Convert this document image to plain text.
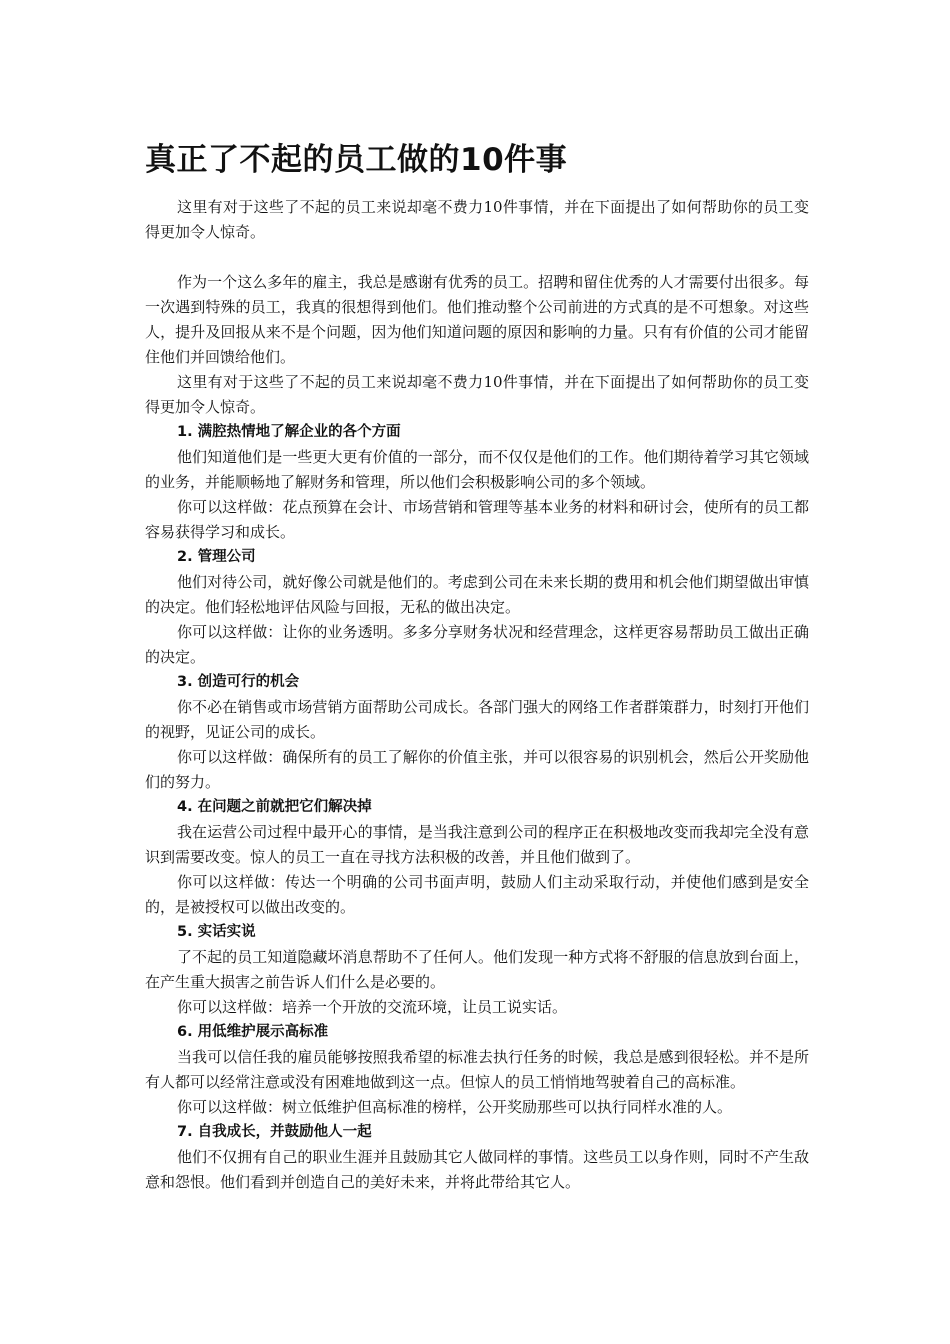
真正了不起的员工做的10件事

这里有对于这些了不起的员工来说却毫不费力10件事情，并在下面提出了如何帮助你的员工变得更加令人惊奇。

作为一个这么多年的雇主，我总是感谢有优秀的员工。招聘和留住优秀的人才需要付出很多。每一次遇到特殊的员工，我真的很想得到他们。他们推动整个公司前进的方式真的是不可想象。对这些人，提升及回报从来不是个问题，因为他们知道问题的原因和影响的力量。只有有价值的公司才能留住他们并回馈给他们。

这里有对于这些了不起的员工来说却毫不费力10件事情，并在下面提出了如何帮助你的员工变得更加令人惊奇。

1. 满腔热情地了解企业的各个方面

他们知道他们是一些更大更有价值的一部分，而不仅仅是他们的工作。他们期待着学习其它领域的业务，并能顺畅地了解财务和管理，所以他们会积极影响公司的多个领域。

你可以这样做：花点预算在会计、市场营销和管理等基本业务的材料和研讨会，使所有的员工都容易获得学习和成长。

2. 管理公司

他们对待公司，就好像公司就是他们的。考虑到公司在未来长期的费用和机会他们期望做出审慎的决定。他们轻松地评估风险与回报，无私的做出决定。

你可以这样做：让你的业务透明。多多分享财务状况和经营理念，这样更容易帮助员工做出正确的决定。

3. 创造可行的机会

你不必在销售或市场营销方面帮助公司成长。各部门强大的网络工作者群策群力，时刻打开他们的视野，见证公司的成长。

你可以这样做：确保所有的员工了解你的价值主张，并可以很容易的识别机会，然后公开奖励他们的努力。

4. 在问题之前就把它们解决掉

我在运营公司过程中最开心的事情，是当我注意到公司的程序正在积极地改变而我却完全没有意识到需要改变。惊人的员工一直在寻找方法积极的改善，并且他们做到了。

你可以这样做：传达一个明确的公司书面声明，鼓励人们主动采取行动，并使他们感到是安全的，是被授权可以做出改变的。

5. 实话实说

了不起的员工知道隐藏坏消息帮助不了任何人。他们发现一种方式将不舒服的信息放到台面上，在产生重大损害之前告诉人们什么是必要的。

你可以这样做：培养一个开放的交流环境，让员工说实话。

6. 用低维护展示高标准

当我可以信任我的雇员能够按照我希望的标准去执行任务的时候，我总是感到很轻松。并不是所有人都可以经常注意或没有困难地做到这一点。但惊人的员工悄悄地驾驶着自己的高标准。

你可以这样做：树立低维护但高标准的榜样，公开奖励那些可以执行同样水准的人。

7. 自我成长，并鼓励他人一起

他们不仅拥有自己的职业生涯并且鼓励其它人做同样的事情。这些员工以身作则，同时不产生敌意和怨恨。他们看到并创造自己的美好未来，并将此带给其它人。
